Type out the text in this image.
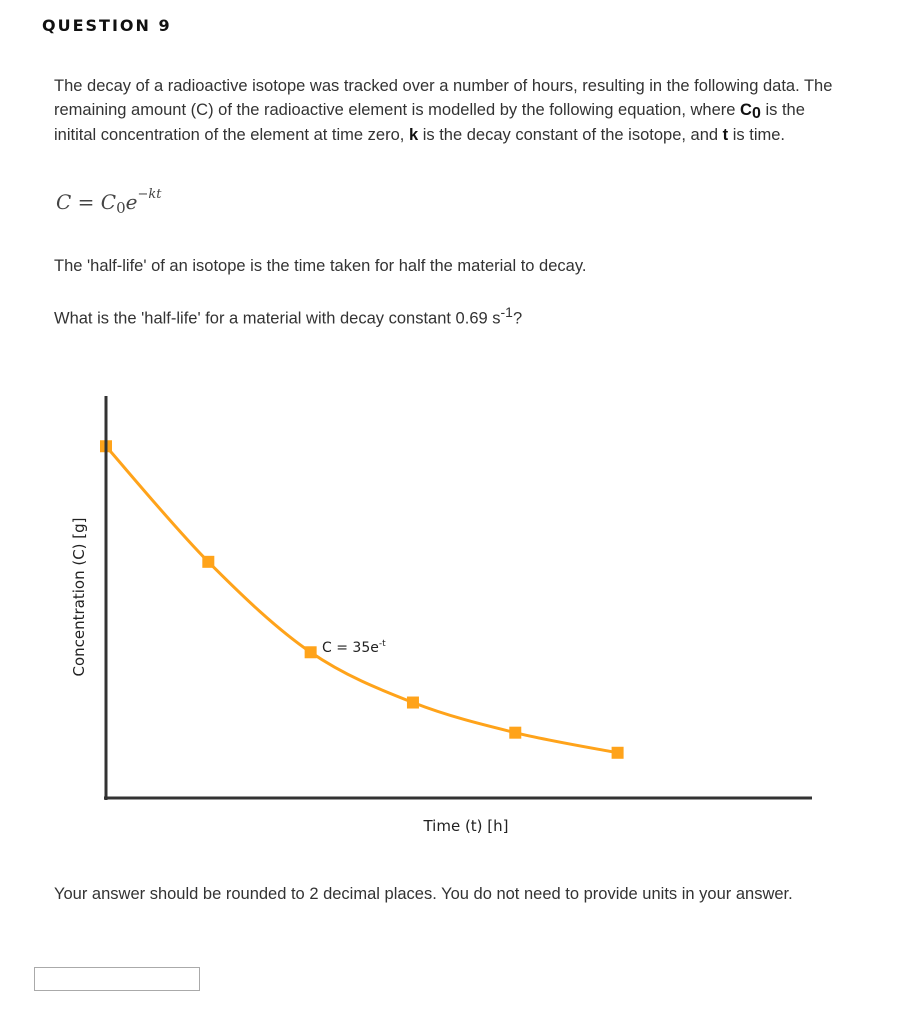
QUESTION 9
The decay of a radioactive isotope was tracked over a number of hours, resulting in the following data. The remaining amount (C) of the radioactive element is modelled by the following equation, where C0 is the initital concentration of the element at time zero, k is the decay constant of the isotope, and t is time.
$C = C_0e^{-kt}$
The 'half-life' of an isotope is the time taken for half the material to decay.
What is the 'half-life' for a material with decay constant 0.69 $s^{-1}$?
Time (t) [h]
Concentration (C) [g]	$C = 35e^{-t}$
Your answer should be rounded to 2 decimal places. You do not need to provide units in your answer.
